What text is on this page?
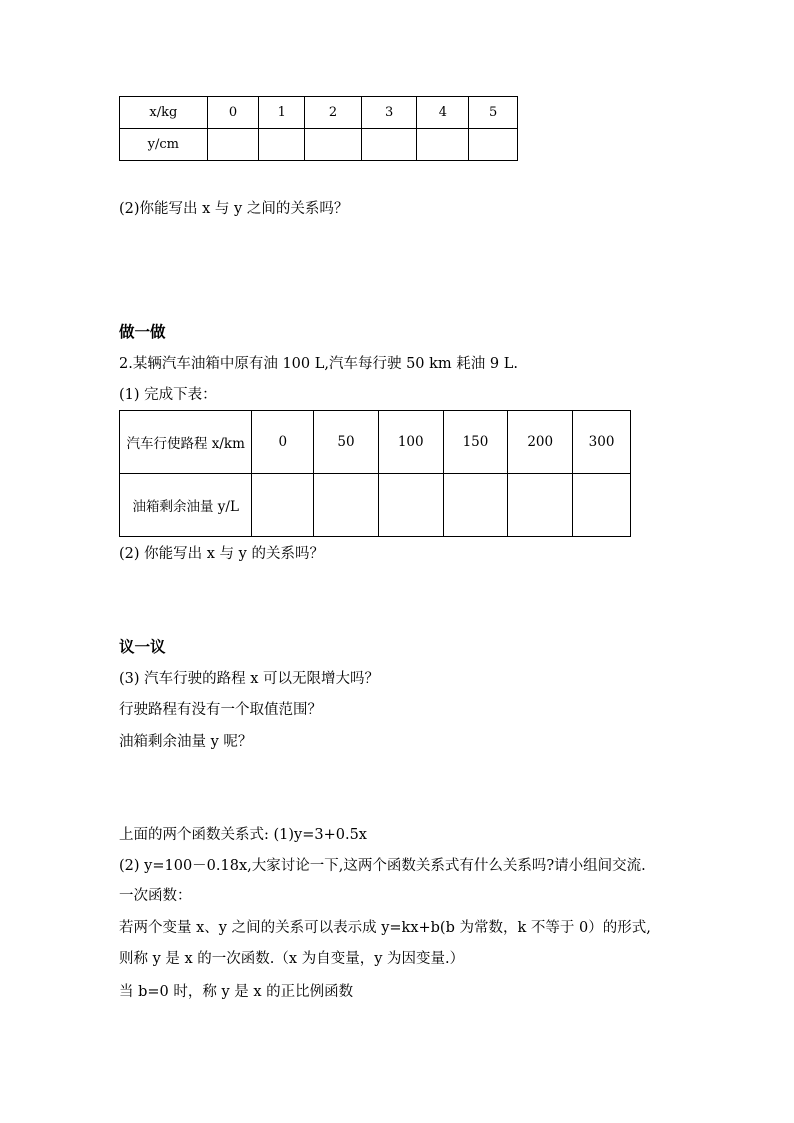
x/kg	0	1	2	3	4	5
y/cm						
(2)你能写出 x 与 y 之间的关系吗？
做一做
2.某辆汽车油箱中原有油 100 L,汽车每行驶 50 km 耗油 9 L.
(1) 完成下表：
汽车行使路程 x/km	0	50	100	150	200	300
油箱剩余油量 y/L						
(2) 你能写出 x 与 y 的关系吗？
议一议
(3) 汽车行驶的路程 x 可以无限增大吗？
行驶路程有没有一个取值范围？
油箱剩余油量 y 呢？
上面的两个函数关系式: (1)y=3+0.5x
(2) y=100－0.18x,大家讨论一下,这两个函数关系式有什么关系吗?请小组间交流.
一次函数：
若两个变量 x、y 之间的关系可以表示成 y=kx+b(b 为常数，k 不等于 0）的形式,
则称 y 是 x 的一次函数.（x 为自变量，y 为因变量.）
当 b=0 时，称 y 是 x 的正比例函数
